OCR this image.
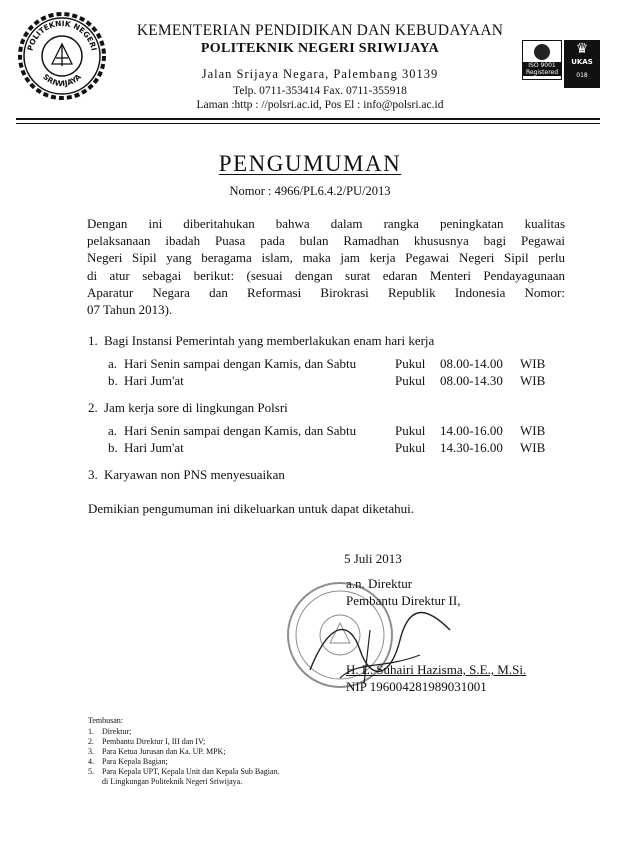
POLITEKNIK NEGERI
SRIWIJAYA
KEMENTERIAN PENDIDIKAN DAN KEBUDAYAAN
POLITEKNIK NEGERI SRIWIJAYA
Jalan Srijaya Negara, Palembang 30139
Telp. 0711-353414 Fax. 0711-355918
Laman :http : //polsri.ac.id, Pos El : info@polsri.ac.id
ISO 9001
Registered
♛
UKAS
018
PENGUMUMAN
Nomor : 4966/PL6.4.2/PU/2013
Dengan ini diberitahukan bahwa dalam rangka peningkatan kualitas
pelaksanaan ibadah Puasa pada bulan Ramadhan khususnya bagi Pegawai
Negeri Sipil yang beragama islam, maka jam kerja Pegawai Negeri Sipil perlu
di atur sebagai berikut: (sesuai dengan surat edaran Menteri Pendayagunaan
Aparatur Negara dan Reformasi Birokrasi Republik Indonesia Nomor:
07 Tahun 2013).
1. Bagi Instansi Pemerintah yang memberlakukan enam hari kerja
a. Hari Senin sampai dengan Kamis, dan Sabtu	Pukul 08.00-14.00 WIB
b. Hari Jum'at	Pukul 08.00-14.30 WIB
2. Jam kerja sore di lingkungan Polsri
a. Hari Senin sampai dengan Kamis, dan Sabtu	Pukul 14.00-16.00 WIB
b. Hari Jum'at	Pukul 14.30-16.00 WIB
3. Karyawan non PNS menyesuaikan
Demikian pengumuman ini dikeluarkan untuk dapat diketahui.
5 Juli 2013
a.n. Direktur
Pembantu Direktur II,
H. L. Suhairi Hazisma, S.E., M.Si.
NIP 196004281989031001
Tembusan:
1. Direktur;
2. Pembantu Direktur I, III dan IV;
3. Para Ketua Jurusan dan Ka. UP. MPK;
4. Para Kepala Bagian;
5. Para Kepala UPT, Kepala Unit dan Kepala Sub Bagian.
di Lingkungan Politeknik Negeri Sriwijaya.
